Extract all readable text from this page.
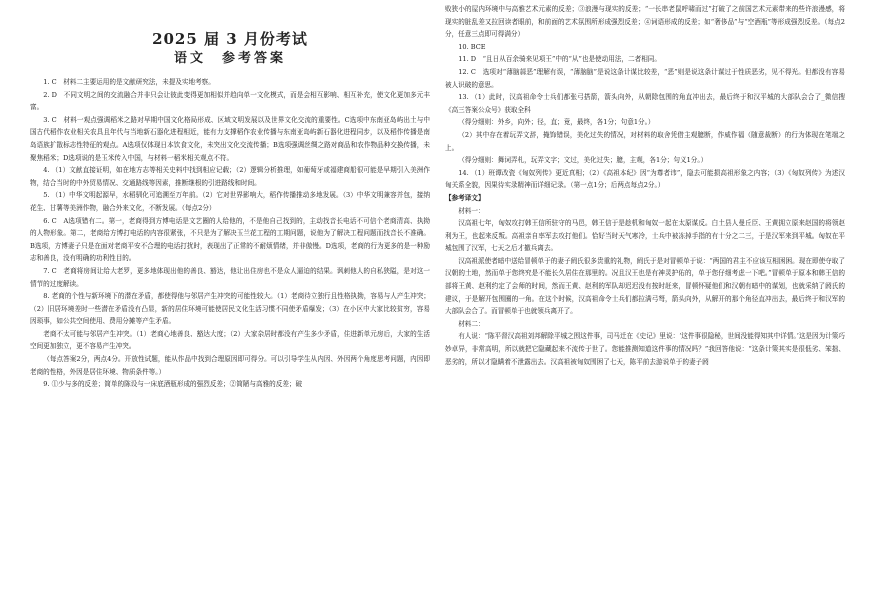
2025 届 3 月份考试

语文　参考答案

1. C　材料二主要运用的是文献研究法，未提及实地考察。

2. D　不同文明之间的交流融合并非只会让彼此变得更加相似并趋向单一文化模式，而是会相互影响、相互补充，使文化更加多元丰富。

3. C　材料一观点强调稻米之路对早期中国文化格局形成、区域文明发展以及世界文化交流的重要性。C选项中东南亚岛屿出土与中国古代稻作农业相关农具且年代与当地新石器化进程相近，能有力支撑稻作农业传播与东南亚岛屿新石器化进程同步，以及稻作传播是南岛语族扩散标志性特征的观点。A选项仅体现日本饮食文化，未突出文化交流传播；B选项强调丝绸之路对商品和农作物品种交换传播，未聚焦稻米；D选项说的是玉米传入中国，与材料一稻米相关观点不符。

4. （1）文献直接证明，如在地方志等相关史料中找到相应记载；（2）逻辑分析推理，如葡萄牙或福建商船很可能是早期引入美洲作物，结合当时的中外贸易情况、交通路线等因素，推断继根的引进路线和时间。

5. （1）中华文明起源早，水稻驯化可追溯至万年前。（2）它对世界影响大，稻作传播推动多地发展。（3）中华文明兼容并包，接纳花生、甘薯等美洲作物，融合外来文化，不断发展。（每点2分）

6. C　A选项错有二。第一，老商得到方博电话是文艺圈的人给他的，不是他自己找到的，主动找音长电话不可信个老商清高、执拗的人物形象。第二，老商给方博打电话的内容很紧张，不只是为了解决玉兰花工程的工期问题，说他为了解决工程问题而找音长不准确。B选项，方博妻子只是在面对老商平安不合理的电话打扰时，表现出了正常的不耐烦情绪，并非傲慢。D选项，老商的行为更多的是一种励志和善良，没有明确的功利性目的。

7. C　老商将房间让给大老罗，更多地体现出他的善良、豁达，他让出住房也不是众人逼迫的结果。讽刺他人的自私狭隘，是对这一情节的过度解读。

8. 老商的个性与新环境下的潜在矛盾，都使得他与邻居产生冲突的可能性较大。（1）老商待立独行且性格执拗，容易与人产生冲突；（2）旧居环境差时一些潜在矛盾没有凸显，新的居住环境可能使居民文化生活习惯不同使矛盾爆发；（3）在小区中大家比较贫穷，容易因琐事，如公共空间使用、费用分摊等产生矛盾。

老商不太可能与邻居产生冲突。（1）老商心地善良、豁达大度；（2）大家杂居时都没有产生多少矛盾，住进新单元房后，大家的生活空间更加独立，更不容易产生冲突。

（每点答案2分，两点4分。开放性试题，能从作品中找到合理原因即可得分。可以引导学生从内因、外因两个角度思考问题，内因即老商的性格，外因是居住环境、物质条件等。）

9. ①少与多的反差；简单的陈设与一床底酒瓶形成的强烈反差；②简陋与高雅的反差；破

败狭小的屋内环境中与高雅艺术元素的反差；③浪漫与现实的反差；“一长串老鼠呼啸而过”打破了之前国艺术元素带来的些许浪漫感，将现实的脏乱差又拉回读者眼前，和前面的艺术氛围所形成强烈反差；④词语形成的反差；如“奢侈品”与“空酒瓶”等形成强烈反差。（每点2分，任意三点即可得满分）

10. BCE

11. D　“且日从百余骑来见项王”中的“从”也是使动用法，二者相同。

12. C　选项对“薄脑蒜恶”理解有误，“薄脑脑”是说这条计谋比较差，“恶”则是说这条计谋过于性质恶劣，见不得光。但都没有容易被人识破的意思。

13. （1）此时，汉高祖命令士兵们都张弓搭箭，箭头向外，从朝除包围的角直冲出去，最后终于和汉平城的大部队会合了_微信搜《高三答案公众号》获取全科

（得分细则：外乡，向外；径，直；竟，最终，各1分；句意1分。）

（2）其中存在着玩弄文辞，掩饰错误，美化过失的情况，对材料的取舍凭借主观臆断，作威作福（随意裁断）的行为体现在笔端之上。

（得分细则：舞词弄札，玩弄文字；文过，美化过失；臆，主观，各1分；句义1分。）

14. （1）班谭改瓷《匈奴列传》更近真相；（2）《高祖本纪》因“为尊者讳”，隐去可能损高祖形象之内容；（3）《匈奴列传》为述汉匈关系全貌，因果待实录精神而详细记录。（第一点1分；后两点每点2分。）

【参考译文】

材料一：

汉高祖七年，匈奴攻打韩王信所驻守的马邑，韩王信于是趁机和匈奴一起在太原谋反。白土县人曼丘臣、王黄拥立原来赵国的将领赵利为王，也起来反叛。高祖亲自率军去攻打他们。恰好当时天气寒冷，士兵中被冻掉手指的有十分之二三，于是汉军来到平城。匈奴在平城包围了汉军，七天之后才撤兵离去。

汉高祖派使者暗中送给冒顿单于的妻子阏氏很多贵重的礼物，阏氏于是对冒顿单于说：“两国的君主不应该互相困困。现在即使夺取了汉朝的土地，然而单于您终究是不能长久居住在那里的。况且汉王也是有神灵护佑的，单于您仔细考虑一下吧。”冒顿单于原本和韩王信的部将王黄、赵利约定了会师的时间，然而王黄、赵利的军队却迟迟没有按时赶来，冒顿怀疑他们和汉朝有暗中的谋划，也就采纳了阏氏的建议，于是解开包围圈的一角。在这个时候，汉高祖命令士兵们都拉满弓弩，箭头向外，从解开的那个角径直冲出去，最后终于和汉军的大部队会合了。而冒顿单于也就领兵离开了。

材料二：

有人说：“陈平督汉高祖刘邦解除平城之围这件事，司马迁在《史记》里说：‘这件事很隐秘，世间没能得知其中详情。’这是因为计策巧妙卓异，非常高明，所以就把它隐藏起来不流传于世了。您能推测知道这件事的情况吗？”我回答他说：“这条计策其实是很低劣、笨拙、恶劣的，所以才隐瞒着不泄露出去。汉高祖被匈奴围困了七天，陈平前去游说单于的妻子阏
